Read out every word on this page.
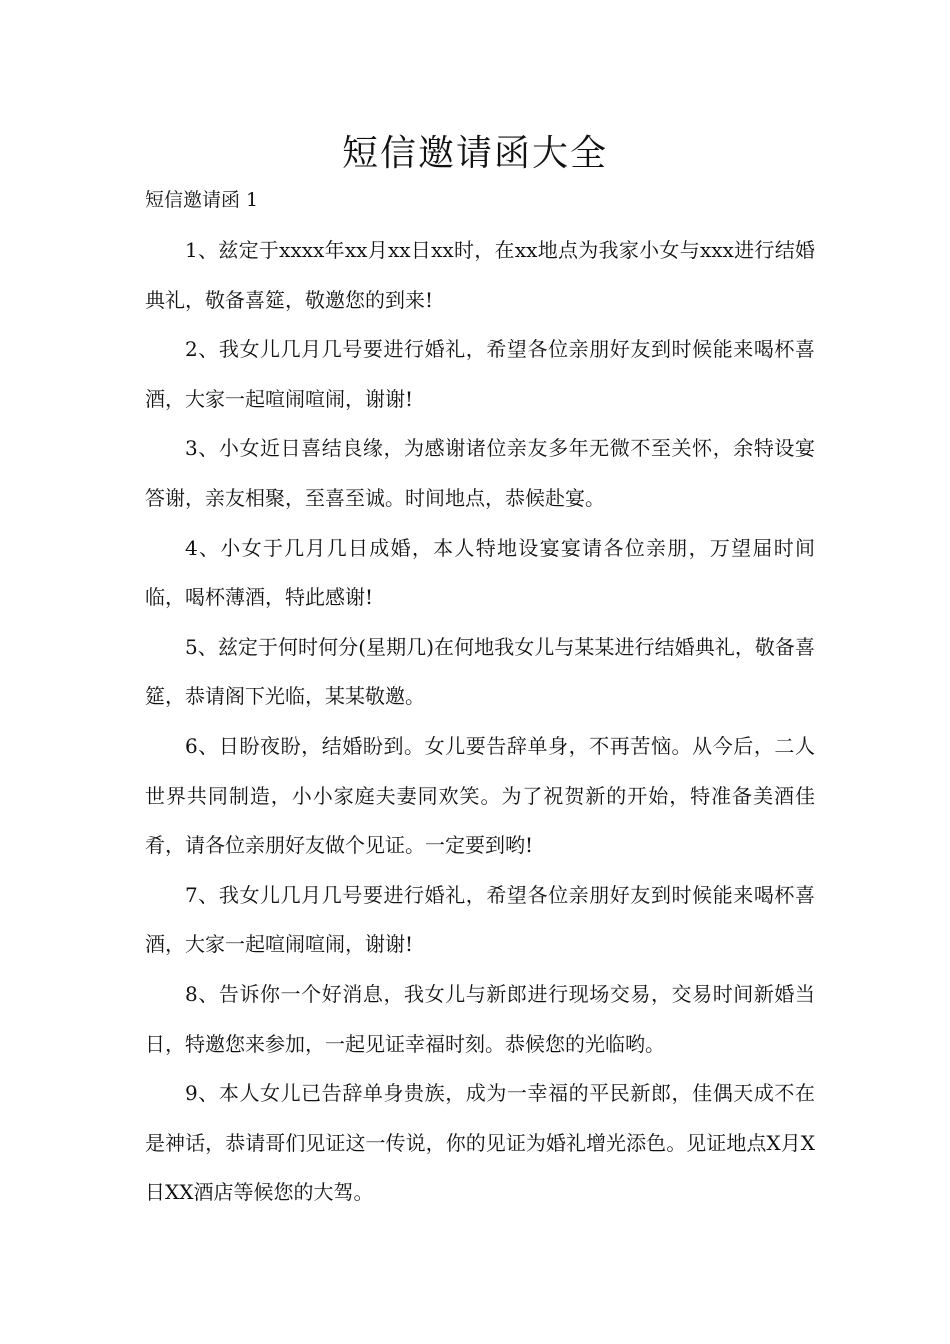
短信邀请函大全
短信邀请函 1

1、兹定于xxxx年xx月xx日xx时，在xx地点为我家小女与xxx进行结婚典礼，敬备喜筵，敬邀您的到来!

2、我女儿几月几号要进行婚礼，希望各位亲朋好友到时候能来喝杯喜酒，大家一起喧闹喧闹，谢谢!

3、小女近日喜结良缘，为感谢诸位亲友多年无微不至关怀，余特设宴答谢，亲友相聚，至喜至诚。时间地点，恭候赴宴。

4、小女于几月几日成婚，本人特地设宴宴请各位亲朋，万望届时间临，喝杯薄酒，特此感谢!

5、兹定于何时何分(星期几)在何地我女儿与某某进行结婚典礼，敬备喜筵，恭请阁下光临，某某敬邀。

6、日盼夜盼，结婚盼到。女儿要告辞单身，不再苦恼。从今后，二人世界共同制造，小小家庭夫妻同欢笑。为了祝贺新的开始，特准备美酒佳肴，请各位亲朋好友做个见证。一定要到哟!

7、我女儿几月几号要进行婚礼，希望各位亲朋好友到时候能来喝杯喜酒，大家一起喧闹喧闹，谢谢!

8、告诉你一个好消息，我女儿与新郎进行现场交易，交易时间新婚当日，特邀您来参加，一起见证幸福时刻。恭候您的光临哟。

9、本人女儿已告辞单身贵族，成为一幸福的平民新郎，佳偶天成不在是神话，恭请哥们见证这一传说，你的见证为婚礼增光添色。见证地点X月X日XX酒店等候您的大驾。
